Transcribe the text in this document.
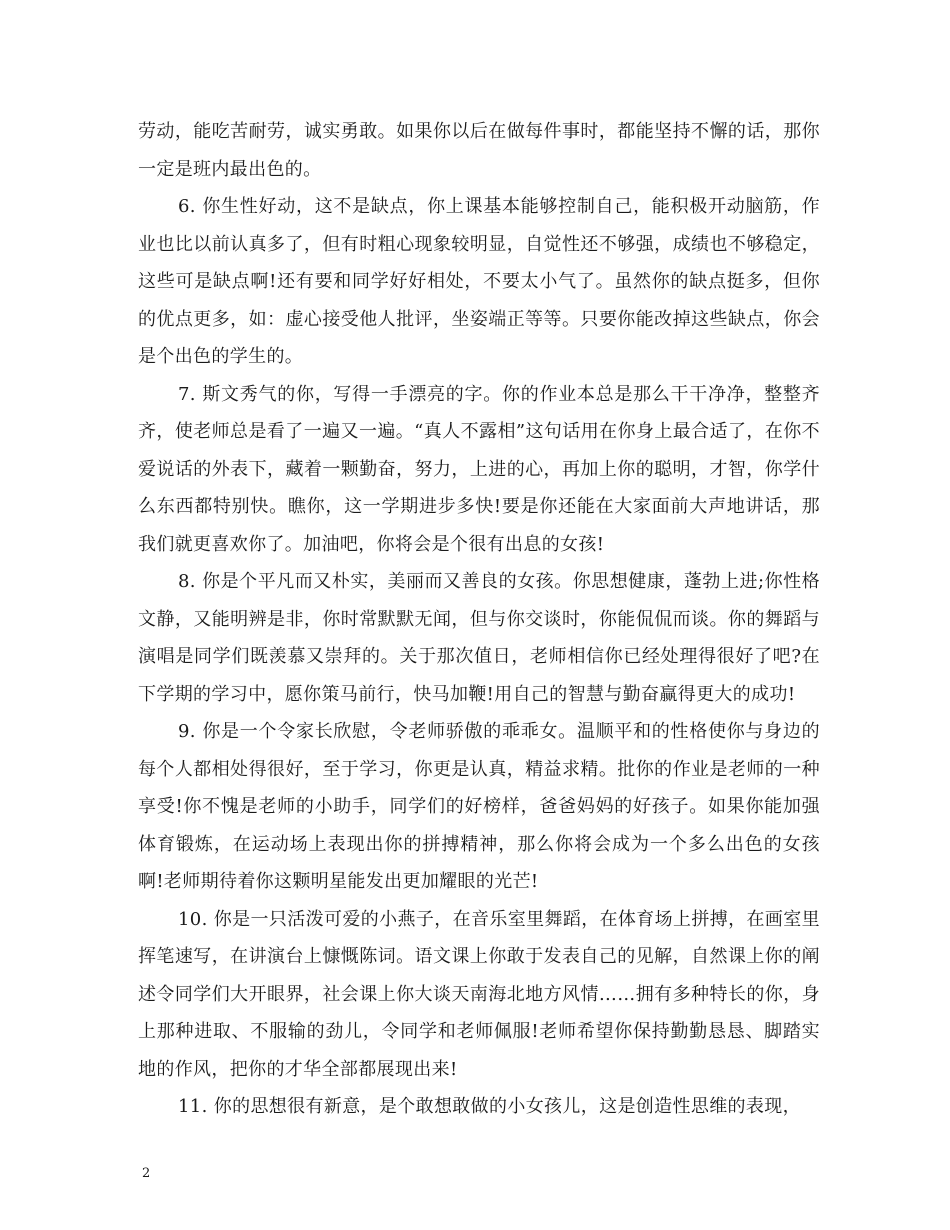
劳动，能吃苦耐劳，诚实勇敢。如果你以后在做每件事时，都能坚持不懈的话，那你一定是班内最出色的。

6. 你生性好动，这不是缺点，你上课基本能够控制自己，能积极开动脑筋，作业也比以前认真多了，但有时粗心现象较明显，自觉性还不够强，成绩也不够稳定，这些可是缺点啊!还有要和同学好好相处，不要太小气了。虽然你的缺点挺多，但你的优点更多，如：虚心接受他人批评，坐姿端正等等。只要你能改掉这些缺点，你会是个出色的学生的。

7. 斯文秀气的你，写得一手漂亮的字。你的作业本总是那么干干净净，整整齐齐，使老师总是看了一遍又一遍。“真人不露相”这句话用在你身上最合适了，在你不爱说话的外表下，藏着一颗勤奋，努力，上进的心，再加上你的聪明，才智，你学什么东西都特别快。瞧你，这一学期进步多快!要是你还能在大家面前大声地讲话，那我们就更喜欢你了。加油吧，你将会是个很有出息的女孩!

8. 你是个平凡而又朴实，美丽而又善良的女孩。你思想健康，蓬勃上进;你性格文静，又能明辨是非，你时常默默无闻，但与你交谈时，你能侃侃而谈。你的舞蹈与演唱是同学们既羡慕又崇拜的。关于那次值日，老师相信你已经处理得很好了吧?在下学期的学习中，愿你策马前行，快马加鞭!用自己的智慧与勤奋赢得更大的成功!

9. 你是一个令家长欣慰，令老师骄傲的乖乖女。温顺平和的性格使你与身边的每个人都相处得很好，至于学习，你更是认真，精益求精。批你的作业是老师的一种享受!你不愧是老师的小助手，同学们的好榜样，爸爸妈妈的好孩子。如果你能加强体育锻炼，在运动场上表现出你的拼搏精神，那么你将会成为一个多么出色的女孩啊!老师期待着你这颗明星能发出更加耀眼的光芒!

10. 你是一只活泼可爱的小燕子，在音乐室里舞蹈，在体育场上拼搏，在画室里挥笔速写，在讲演台上慷慨陈词。语文课上你敢于发表自己的见解，自然课上你的阐述令同学们大开眼界，社会课上你大谈天南海北地方风情……拥有多种特长的你，身上那种进取、不服输的劲儿，令同学和老师佩服!老师希望你保持勤勤恳恳、脚踏实地的作风，把你的才华全部都展现出来!

11. 你的思想很有新意，是个敢想敢做的小女孩儿，这是创造性思维的表现，

2
